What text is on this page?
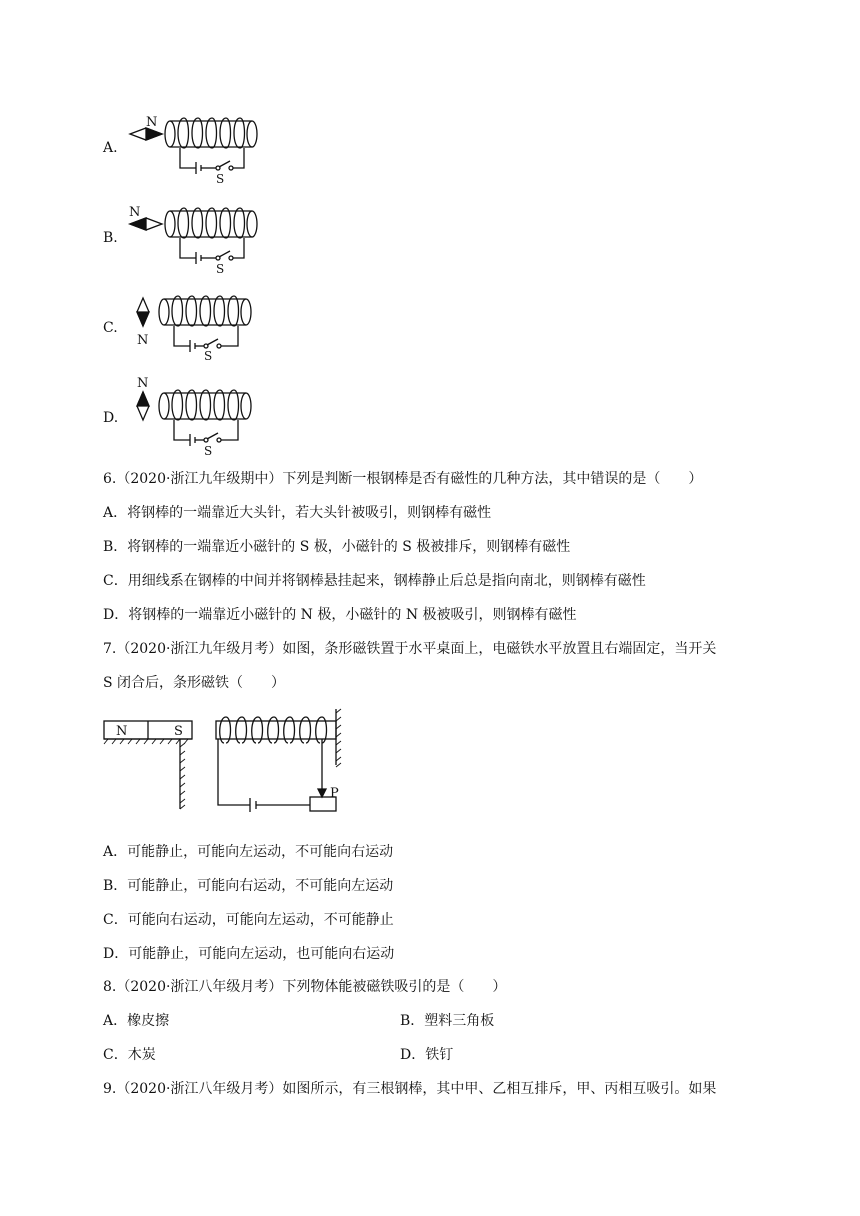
A.
N
S
B.
N
S
C.
N
S
D.
N
S
6.（2020·浙江九年级期中）下列是判断一根钢棒是否有磁性的几种方法，其中错误的是（　　）
A．将钢棒的一端靠近大头针，若大头针被吸引，则钢棒有磁性
B．将钢棒的一端靠近小磁针的 S 极，小磁针的 S 极被排斥，则钢棒有磁性
C．用细线系在钢棒的中间并将钢棒悬挂起来，钢棒静止后总是指向南北，则钢棒有磁性
D．将钢棒的一端靠近小磁针的 N 极，小磁针的 N 极被吸引，则钢棒有磁性
7.（2020·浙江九年级月考）如图，条形磁铁置于水平桌面上，电磁铁水平放置且右端固定，当开关
S 闭合后，条形磁铁（　　）
N	S
P
A．可能静止，可能向左运动，不可能向右运动
B．可能静止，可能向右运动，不可能向左运动
C．可能向右运动，可能向左运动，不可能静止
D．可能静止，可能向左运动，也可能向右运动
8.（2020·浙江八年级月考）下列物体能被磁铁吸引的是（　　）
A．橡皮擦	B．塑料三角板
C．木炭	D．铁钉
9.（2020·浙江八年级月考）如图所示，有三根钢棒，其中甲、乙相互排斥，甲、丙相互吸引。如果
